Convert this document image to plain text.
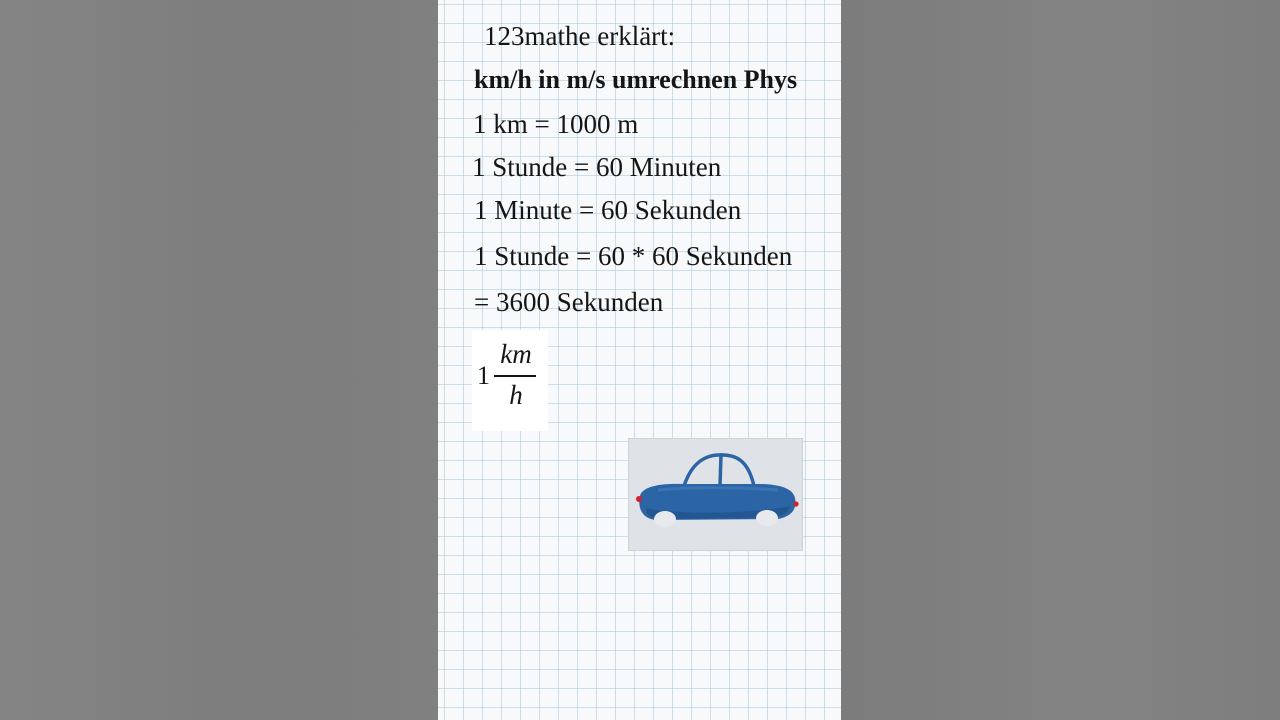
123mathe erklärt:
km/h in m/s umrechnen Phys
1 km = 1000 m
1 Stunde = 60 Minuten
1 Minute = 60 Sekunden
1 Stunde = 60 * 60 Sekunden
= 3600 Sekunden
1
km
h
